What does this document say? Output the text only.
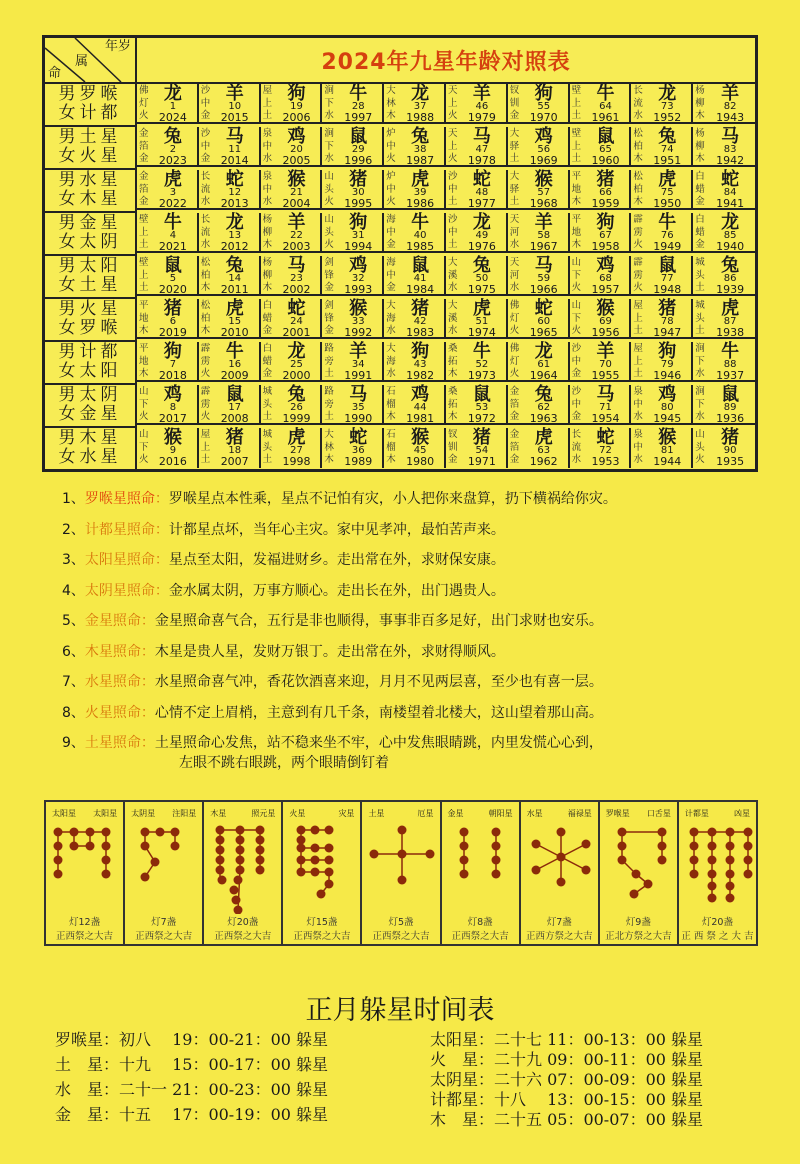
命
属
年岁
2024年九星年龄对照表
男罗喉
女计都
佛灯火
龙
1
2024
沙中金
羊
10
2015
屋上土
狗
19
2006
涧下水
牛
28
1997
大林木
龙
37
1988
天上火
羊
46
1979
钗钏金
狗
55
1970
壁上土
牛
64
1961
长流水
龙
73
1952
杨柳木
羊
82
1943
男土星
女火星
金箔金
兔
2
2023
沙中金
马
11
2014
泉中水
鸡
20
2005
涧下水
鼠
29
1996
炉中火
兔
38
1987
天上火
马
47
1978
大驿土
鸡
56
1969
壁上土
鼠
65
1960
松柏木
兔
74
1951
杨柳木
马
83
1942
男水星
女木星
金箔金
虎
3
2022
长流水
蛇
12
2013
泉中水
猴
21
2004
山头火
猪
30
1995
炉中火
虎
39
1986
沙中土
蛇
48
1977
大驿土
猴
57
1968
平地木
猪
66
1959
松柏木
虎
75
1950
白蜡金
蛇
84
1941
男金星
女太阴
壁上土
牛
4
2021
长流水
龙
13
2012
杨柳木
羊
22
2003
山头火
狗
31
1994
海中金
牛
40
1985
沙中土
龙
49
1976
天河水
羊
58
1967
平地木
狗
67
1958
霹雳火
牛
76
1949
白蜡金
龙
85
1940
男太阳
女土星
壁上土
鼠
5
2020
松柏木
兔
14
2011
杨柳木
马
23
2002
剑锋金
鸡
32
1993
海中金
鼠
41
1984
大溪水
兔
50
1975
天河水
马
59
1966
山下火
鸡
68
1957
霹雳火
鼠
77
1948
城头土
兔
86
1939
男火星
女罗喉
平地木
猪
6
2019
松柏木
虎
15
2010
白蜡金
蛇
24
2001
剑锋金
猴
33
1992
大海水
猪
42
1983
大溪水
虎
51
1974
佛灯火
蛇
60
1965
山下火
猴
69
1956
屋上土
猪
78
1947
城头土
虎
87
1938
男计都
女太阳
平地木
狗
7
2018
霹雳火
牛
16
2009
白蜡金
龙
25
2000
路旁土
羊
34
1991
大海水
狗
43
1982
桑拓木
牛
52
1973
佛灯火
龙
61
1964
沙中金
羊
70
1955
屋上土
狗
79
1946
涧下水
牛
88
1937
男太阴
女金星
山下火
鸡
8
2017
霹雳火
鼠
17
2008
城头土
兔
26
1999
路旁土
马
35
1990
石榴木
鸡
44
1981
桑拓木
鼠
53
1972
金箔金
兔
62
1963
沙中金
马
71
1954
泉中水
鸡
80
1945
涧下水
鼠
89
1936
男木星
女水星
山下火
猴
9
2016
屋上土
猪
18
2007
城头土
虎
27
1998
大林木
蛇
36
1989
石榴木
猴
45
1980
钗钏金
猪
54
1971
金箔金
虎
63
1962
长流水
蛇
72
1953
泉中水
猴
81
1944
山头火
猪
90
1935
1、罗喉星照命：罗喉星点本性乘，星点不记怕有灾，小人把你来盘算，扔下横祸给你灾。
2、计都星照命：计都星点坏，当年心主灾。家中见孝冲，最怕苦声来。
3、太阳星照命：星点至太阳，发福进财乡。走出常在外，求财保安康。
4、太阴星照命：金水属太阴，万事方顺心。走出长在外，出门遇贵人。
5、金星照命：金星照命喜气合，五行是非也顺得，事事非百多足好，出门求财也安乐。
6、木星照命：木星是贵人星，发财万银丁。走出常在外，求财得顺风。
7、水星照命：水星照命喜气冲，香花饮酒喜来迎，月月不见两层喜，至少也有喜一层。
8、火星照命：心情不定上眉梢，主意到有几千条，南楼望着北楼大，这山望着那山高。
9、土星照命：土星照命心发焦，站不稳来坐不牢，心中发焦眼睛跳，内里发慌心心到，
左眼不跳右眼跳，两个眼睛倒钉着
太阳星 太阳星
灯12盏
正西祭之大吉
太阴星 注阳星
灯7盏
正西祭之大吉
木星	照元星
灯20盏
正西祭之大吉
火星	灾星
灯15盏
正西祭之大吉
土星	厄星
灯5盏
正西祭之大吉
金星	朝阳星
灯8盏
正西祭之大吉
水星	福禄星
灯7盏
正西方祭之大吉
罗喉星 口舌星
灯9盏
正北方祭之大吉
计都星	凶星
灯20盏
正 西 祭 之 大 吉
正月躲星时间表
罗喉星：初八　 19：00-21：00 躲星
土　星：十九　 15：00-17：00 躲星
水　星：二十一 21：00-23：00 躲星
金　星：十五　 17：00-19：00 躲星
太阳星：二十七 11：00-13：00 躲星
火　星：二十九 09：00-11：00 躲星
太阴星：二十六 07：00-09：00 躲星
计都星：十八　 13：00-15：00 躲星
木　星：二十五 05：00-07：00 躲星
